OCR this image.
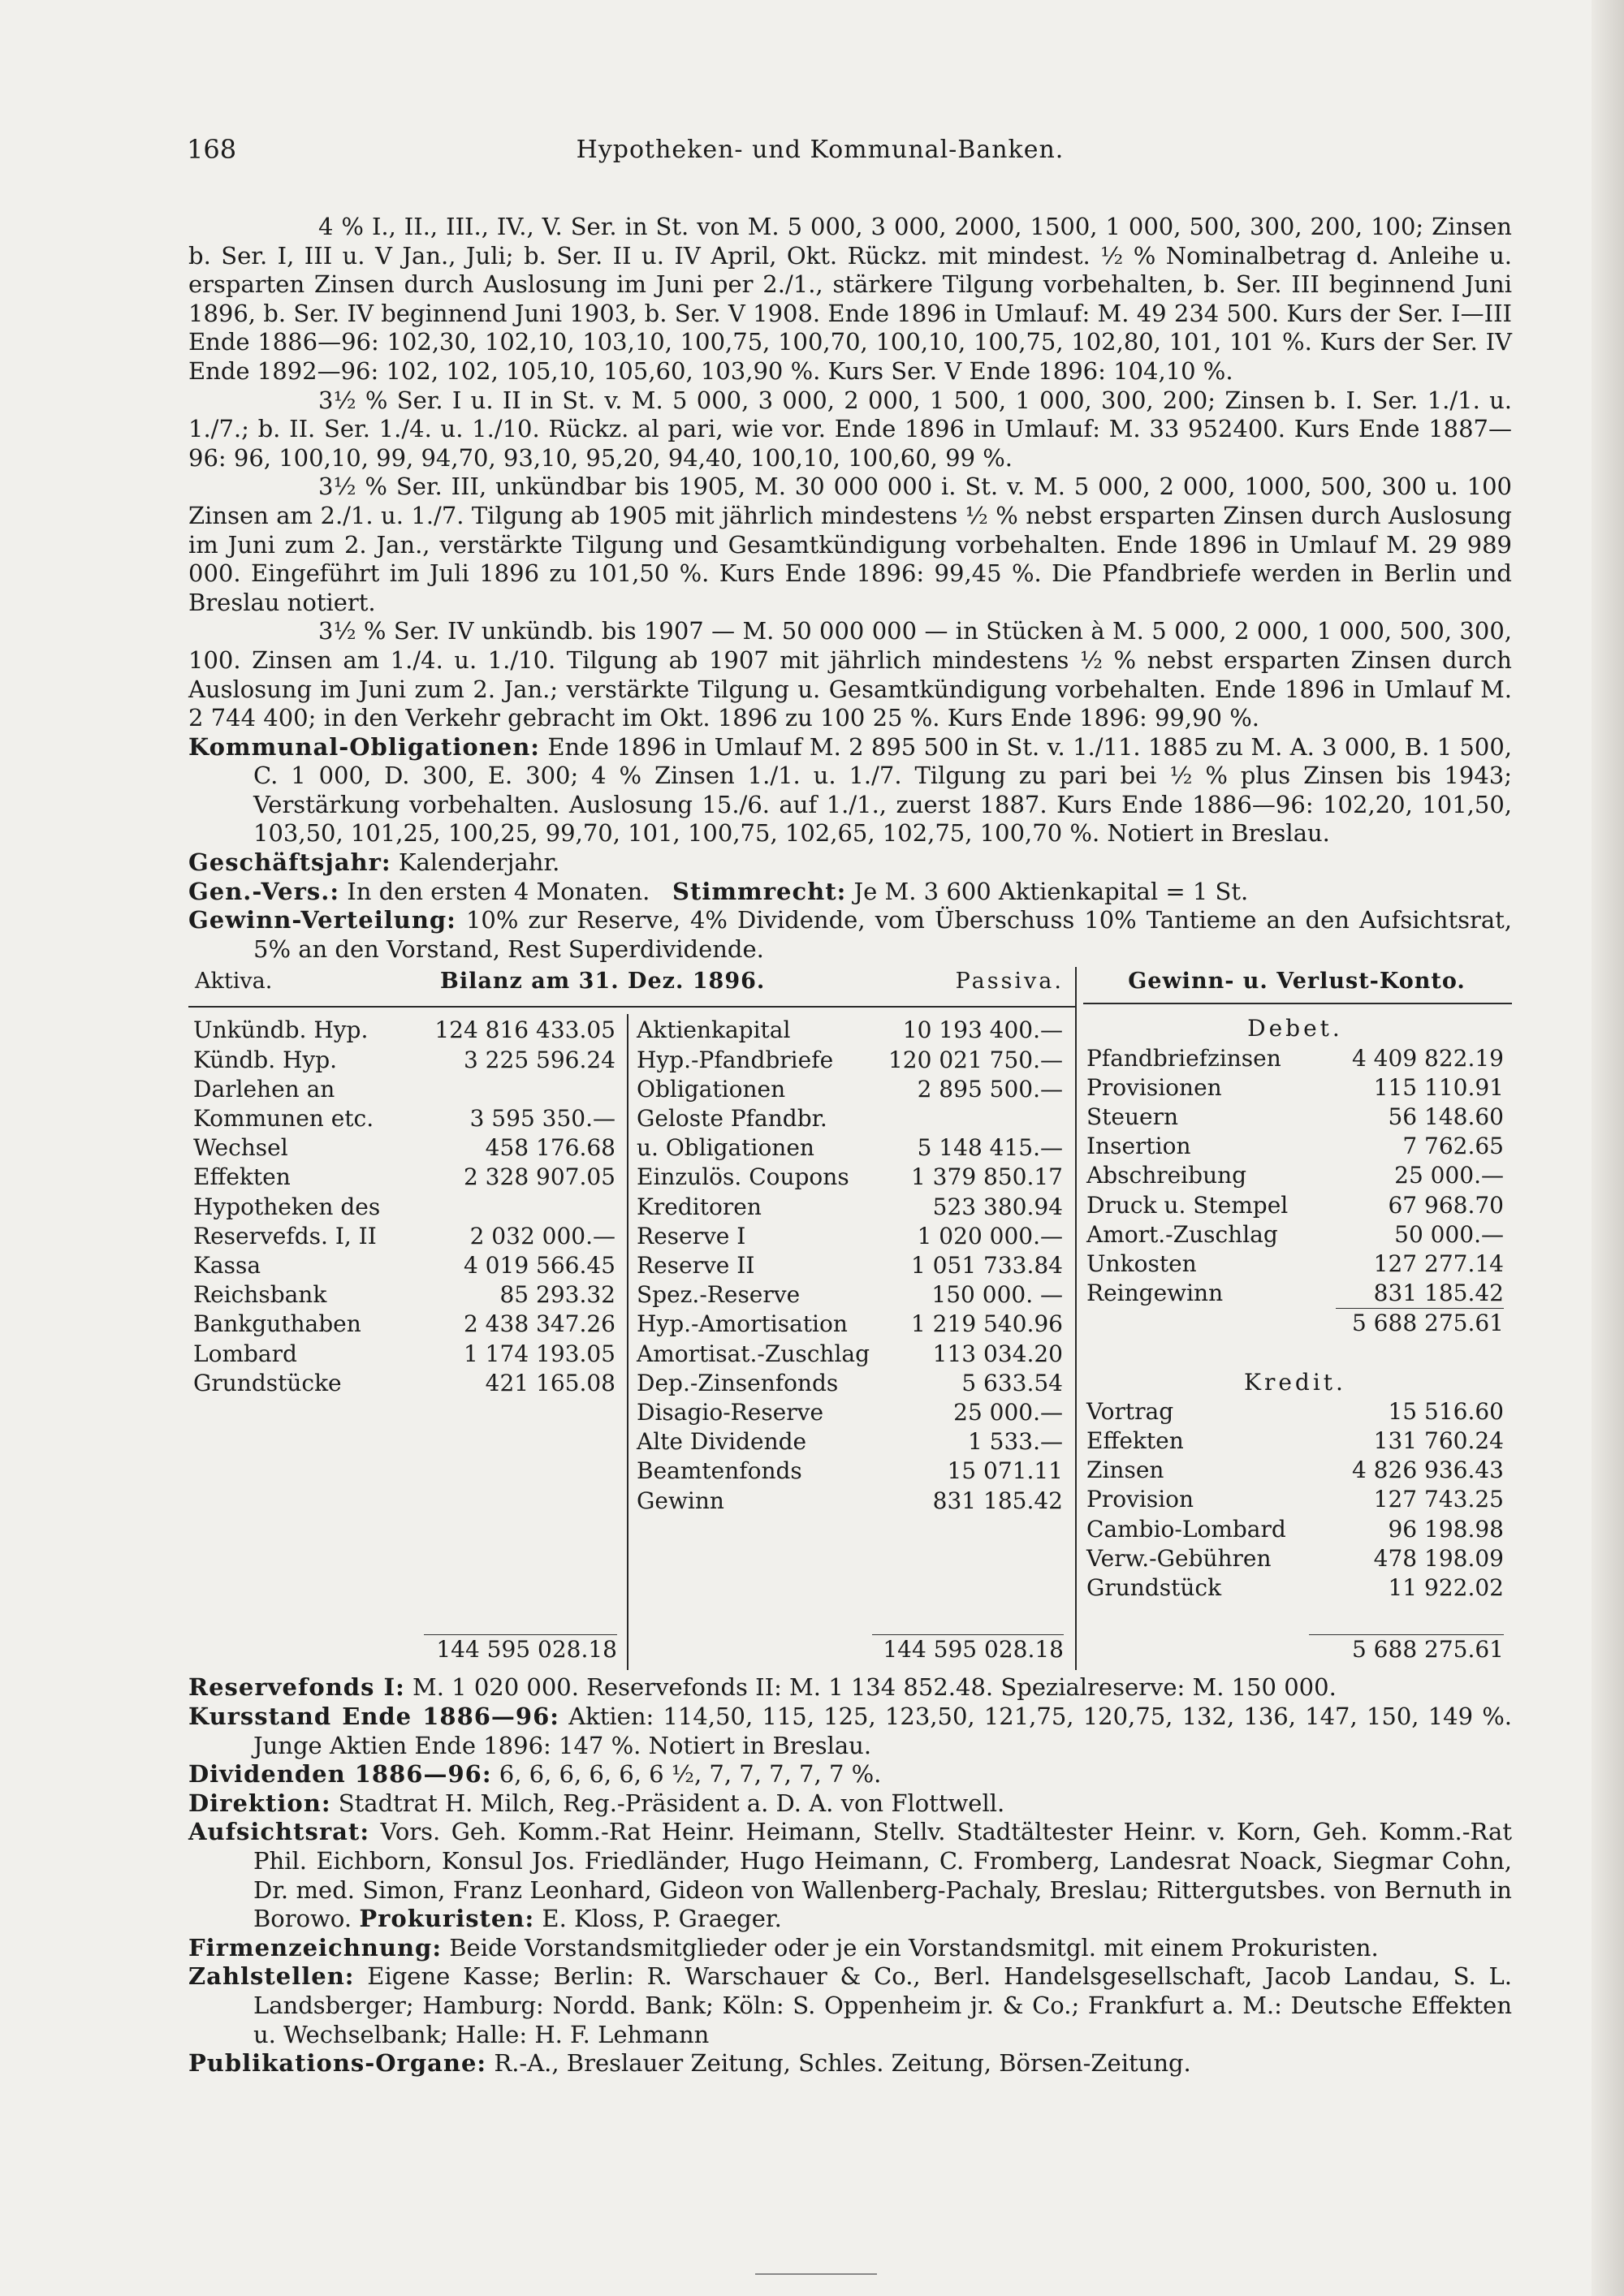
168	Hypotheken- und Kommunal-Banken.

4 % I., II., III., IV., V. Ser. in St. von M. 5 000, 3 000, 2000, 1500, 1 000, 500, 300, 200, 100; Zinsen b. Ser. I, III u. V Jan., Juli; b. Ser. II u. IV April, Okt. Rückz. mit mindest. ½ % Nominalbetrag d. Anleihe u. ersparten Zinsen durch Auslosung im Juni per 2./1., stärkere Tilgung vorbehalten, b. Ser. III beginnend Juni 1896, b. Ser. IV beginnend Juni 1903, b. Ser. V 1908. Ende 1896 in Umlauf: M. 49 234 500. Kurs der Ser. I—III Ende 1886—96: 102,30, 102,10, 103,10, 100,75, 100,70, 100,10, 100,75, 102,80, 101, 101 %. Kurs der Ser. IV Ende 1892—96: 102, 102, 105,10, 105,60, 103,90 %. Kurs Ser. V Ende 1896: 104,10 %.

3½ % Ser. I u. II in St. v. M. 5 000, 3 000, 2 000, 1 500, 1 000, 300, 200; Zinsen b. I. Ser. 1./1. u. 1./7.; b. II. Ser. 1./4. u. 1./10. Rückz. al pari, wie vor. Ende 1896 in Umlauf: M. 33 952400. Kurs Ende 1887—96: 96, 100,10, 99, 94,70, 93,10, 95,20, 94,40, 100,10, 100,60, 99 %.

3½ % Ser. III, unkündbar bis 1905, M. 30 000 000 i. St. v. M. 5 000, 2 000, 1000, 500, 300 u. 100 Zinsen am 2./1. u. 1./7. Tilgung ab 1905 mit jährlich mindestens ½ % nebst ersparten Zinsen durch Auslosung im Juni zum 2. Jan., verstärkte Tilgung und Gesamtkündigung vorbehalten. Ende 1896 in Umlauf M. 29 989 000. Eingeführt im Juli 1896 zu 101,50 %. Kurs Ende 1896: 99,45 %. Die Pfandbriefe werden in Berlin und Breslau notiert.

3½ % Ser. IV unkündb. bis 1907 — M. 50 000 000 — in Stücken à M. 5 000, 2 000, 1 000, 500, 300, 100. Zinsen am 1./4. u. 1./10. Tilgung ab 1907 mit jährlich mindestens ½ % nebst ersparten Zinsen durch Auslosung im Juni zum 2. Jan.; verstärkte Tilgung u. Gesamtkündigung vorbehalten. Ende 1896 in Umlauf M. 2 744 400; in den Verkehr gebracht im Okt. 1896 zu 100 25 %. Kurs Ende 1896: 99,90 %.

Kommunal-Obligationen: Ende 1896 in Umlauf M. 2 895 500 in St. v. 1./11. 1885 zu M. A. 3 000, B. 1 500, C. 1 000, D. 300, E. 300; 4 % Zinsen 1./1. u. 1./7. Tilgung zu pari bei ½ % plus Zinsen bis 1943; Verstärkung vorbehalten. Auslosung 15./6. auf 1./1., zuerst 1887. Kurs Ende 1886—96: 102,20, 101,50, 103,50, 101,25, 100,25, 99,70, 101, 100,75, 102,65, 102,75, 100,70 %. Notiert in Breslau.

Geschäftsjahr: Kalenderjahr.

Gen.-Vers.: In den ersten 4 Monaten. Stimmrecht: Je M. 3 600 Aktienkapital = 1 St.

Gewinn-Verteilung: 10% zur Reserve, 4% Dividende, vom Überschuss 10% Tantieme an den Aufsichtsrat, 5% an den Vorstand, Rest Superdividende.

Aktiva.	Bilanz am 31. Dez. 1896.	Passiva.	Gewinn- u. Verlust-Konto.
Unkündb. Hyp.	124 816 433.05
Kündb. Hyp.	3 225 596.24
Darlehen an
Kommunen etc.	3 595 350.—
Wechsel	458 176.68
Effekten	2 328 907.05
Hypotheken des
Reservefds. I, II	2 032 000.—
Kassa	4 019 566.45
Reichsbank	85 293.32
Bankguthaben	2 438 347.26
Lombard	1 174 193.05
Grundstücke	421 165.08
Aktienkapital	10 193 400.—
Hyp.-Pfandbriefe 120 021 750.—
Obligationen	2 895 500.—
Geloste Pfandbr.
u. Obligationen	5 148 415.—
Einzulös. Coupons	1 379 850.17
Kreditoren	523 380.94
Reserve I	1 020 000.—
Reserve II	1 051 733.84
Spez.-Reserve	150 000. —
Hyp.-Amortisation	1 219 540.96
Amortisat.-Zuschlag	113 034.20
Dep.-Zinsenfonds	5 633.54
Disagio-Reserve	25 000.—
Alte Dividende	1 533.—
Beamtenfonds	15 071.11
Gewinn	831 185.42
144 595 028.18	144 595 028.18
Debet.
Pfandbriefzinsen	4 409 822.19
Provisionen	115 110.91
Steuern	56 148.60
Insertion	7 762.65
Abschreibung	25 000.—
Druck u. Stempel	67 968.70
Amort.-Zuschlag	50 000.—
Unkosten	127 277.14
Reingewinn	831 185.42
5 688 275.61
Kredit.
Vortrag	15 516.60
Effekten	131 760.24
Zinsen	4 826 936.43
Provision	127 743.25
Cambio-Lombard	96 198.98
Verw.-Gebühren	478 198.09
Grundstück	11 922.02
5 688 275.61

Reservefonds I: M. 1 020 000. Reservefonds II: M. 1 134 852.48. Spezialreserve: M. 150 000.

Kursstand Ende 1886—96: Aktien: 114,50, 115, 125, 123,50, 121,75, 120,75, 132, 136, 147, 150, 149 %. Junge Aktien Ende 1896: 147 %. Notiert in Breslau.

Dividenden 1886—96: 6, 6, 6, 6, 6, 6 ½, 7, 7, 7, 7, 7 %.

Direktion: Stadtrat H. Milch, Reg.-Präsident a. D. A. von Flottwell.

Aufsichtsrat: Vors. Geh. Komm.-Rat Heinr. Heimann, Stellv. Stadtältester Heinr. v. Korn, Geh. Komm.-Rat Phil. Eichborn, Konsul Jos. Friedländer, Hugo Heimann, C. Fromberg, Landesrat Noack, Siegmar Cohn, Dr. med. Simon, Franz Leonhard, Gideon von Wallenberg-Pachaly, Breslau; Rittergutsbes. von Bernuth in Borowo. Prokuristen: E. Kloss, P. Graeger.

Firmenzeichnung: Beide Vorstandsmitglieder oder je ein Vorstandsmitgl. mit einem Prokuristen.

Zahlstellen: Eigene Kasse; Berlin: R. Warschauer & Co., Berl. Handelsgesellschaft, Jacob Landau, S. L. Landsberger; Hamburg: Nordd. Bank; Köln: S. Oppenheim jr. & Co.; Frankfurt a. M.: Deutsche Effekten u. Wechselbank; Halle: H. F. Lehmann

Publikations-Organe: R.-A., Breslauer Zeitung, Schles. Zeitung, Börsen-Zeitung.
